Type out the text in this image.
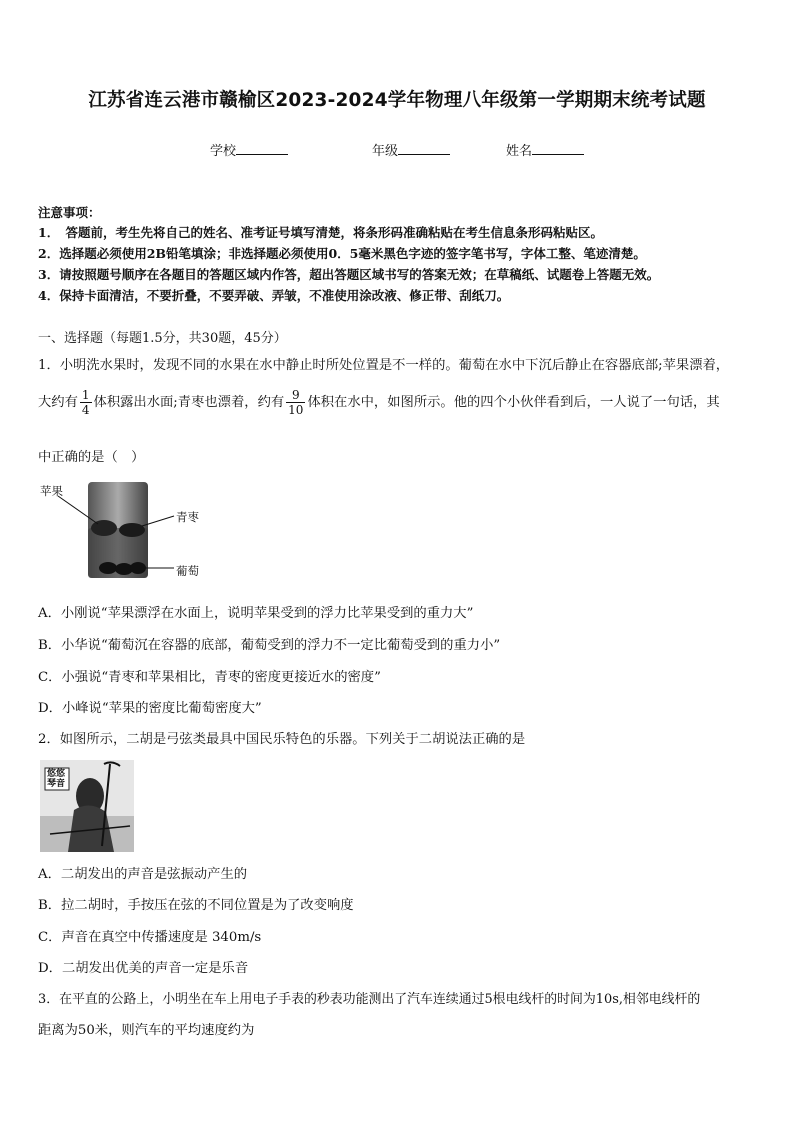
江苏省连云港市赣榆区2023-2024学年物理八年级第一学期期末统考试题
学校	年级	姓名
注意事项：
1．　答题前，考生先将自己的姓名、准考证号填写清楚，将条形码准确粘贴在考生信息条形码粘贴区。
2．选择题必须使用2B铅笔填涂；非选择题必须使用0．5毫米黑色字迹的签字笔书写，字体工整、笔迹清楚。
3．请按照题号顺序在各题目的答题区域内作答，超出答题区域书写的答案无效；在草稿纸、试题卷上答题无效。
4．保持卡面清洁，不要折叠，不要弄破、弄皱，不准使用涂改液、修正带、刮纸刀。
一、选择题（每题1.5分，共30题，45分）
1．小明洗水果时，发现不同的水果在水中静止时所处位置是不一样的。葡萄在水中下沉后静止在容器底部;苹果漂着，
大约有 $\frac{1}{4}$ 体积露出水面;青枣也漂着，约有 $\frac{9}{10}$ 体积在水中，如图所示。他的四个小伙伴看到后，一人说了一句话，其
中正确的是（　）
苹果
青枣
葡萄
A．小刚说“苹果漂浮在水面上，说明苹果受到的浮力比苹果受到的重力大”
B．小华说“葡萄沉在容器的底部，葡萄受到的浮力不一定比葡萄受到的重力小”
C．小强说“青枣和苹果相比，青枣的密度更接近水的密度”
D．小峰说“苹果的密度比葡萄密度大”
2．如图所示，二胡是弓弦类最具中国民乐特色的乐器。下列关于二胡说法正确的是
悠悠琴音
A．二胡发出的声音是弦振动产生的
B．拉二胡时，手按压在弦的不同位置是为了改变响度
C．声音在真空中传播速度是 340m/s
D．二胡发出优美的声音一定是乐音
3．在平直的公路上，小明坐在车上用电子手表的秒表功能测出了汽车连续通过5根电线杆的时间为10s,相邻电线杆的
距离为50米，则汽车的平均速度约为
